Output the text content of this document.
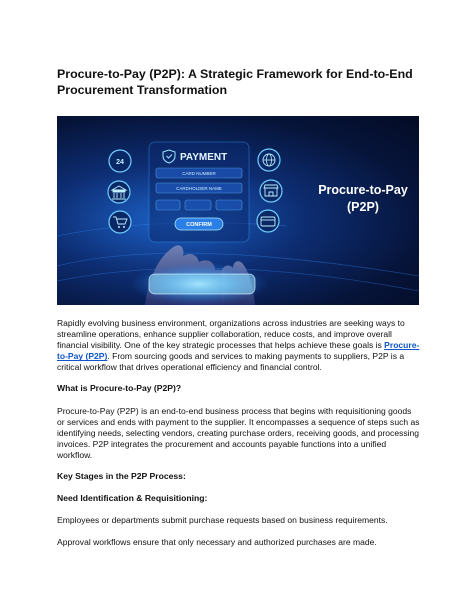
Procure-to-Pay (P2P): A Strategic Framework for End-to-End Procurement Transformation
24	PAYMENT
CARD NUMBER
CARDHOLDER NAME
CONFIRM
Procure-to-Pay
(P2P)

Rapidly evolving business environment, organizations across industries are seeking ways to streamline operations, enhance supplier collaboration, reduce costs, and improve overall financial visibility. One of the key strategic processes that helps achieve these goals is Procure-to-Pay (P2P). From sourcing goods and services to making payments to suppliers, P2P is a critical workflow that drives operational efficiency and financial control.

What is Procure-to-Pay (P2P)?

Procure-to-Pay (P2P) is an end-to-end business process that begins with requisitioning goods or services and ends with payment to the supplier. It encompasses a sequence of steps such as identifying needs, selecting vendors, creating purchase orders, receiving goods, and processing invoices. P2P integrates the procurement and accounts payable functions into a unified workflow.

Key Stages in the P2P Process:
Need Identification & Requisitioning:

Employees or departments submit purchase requests based on business requirements.

Approval workflows ensure that only necessary and authorized purchases are made.
